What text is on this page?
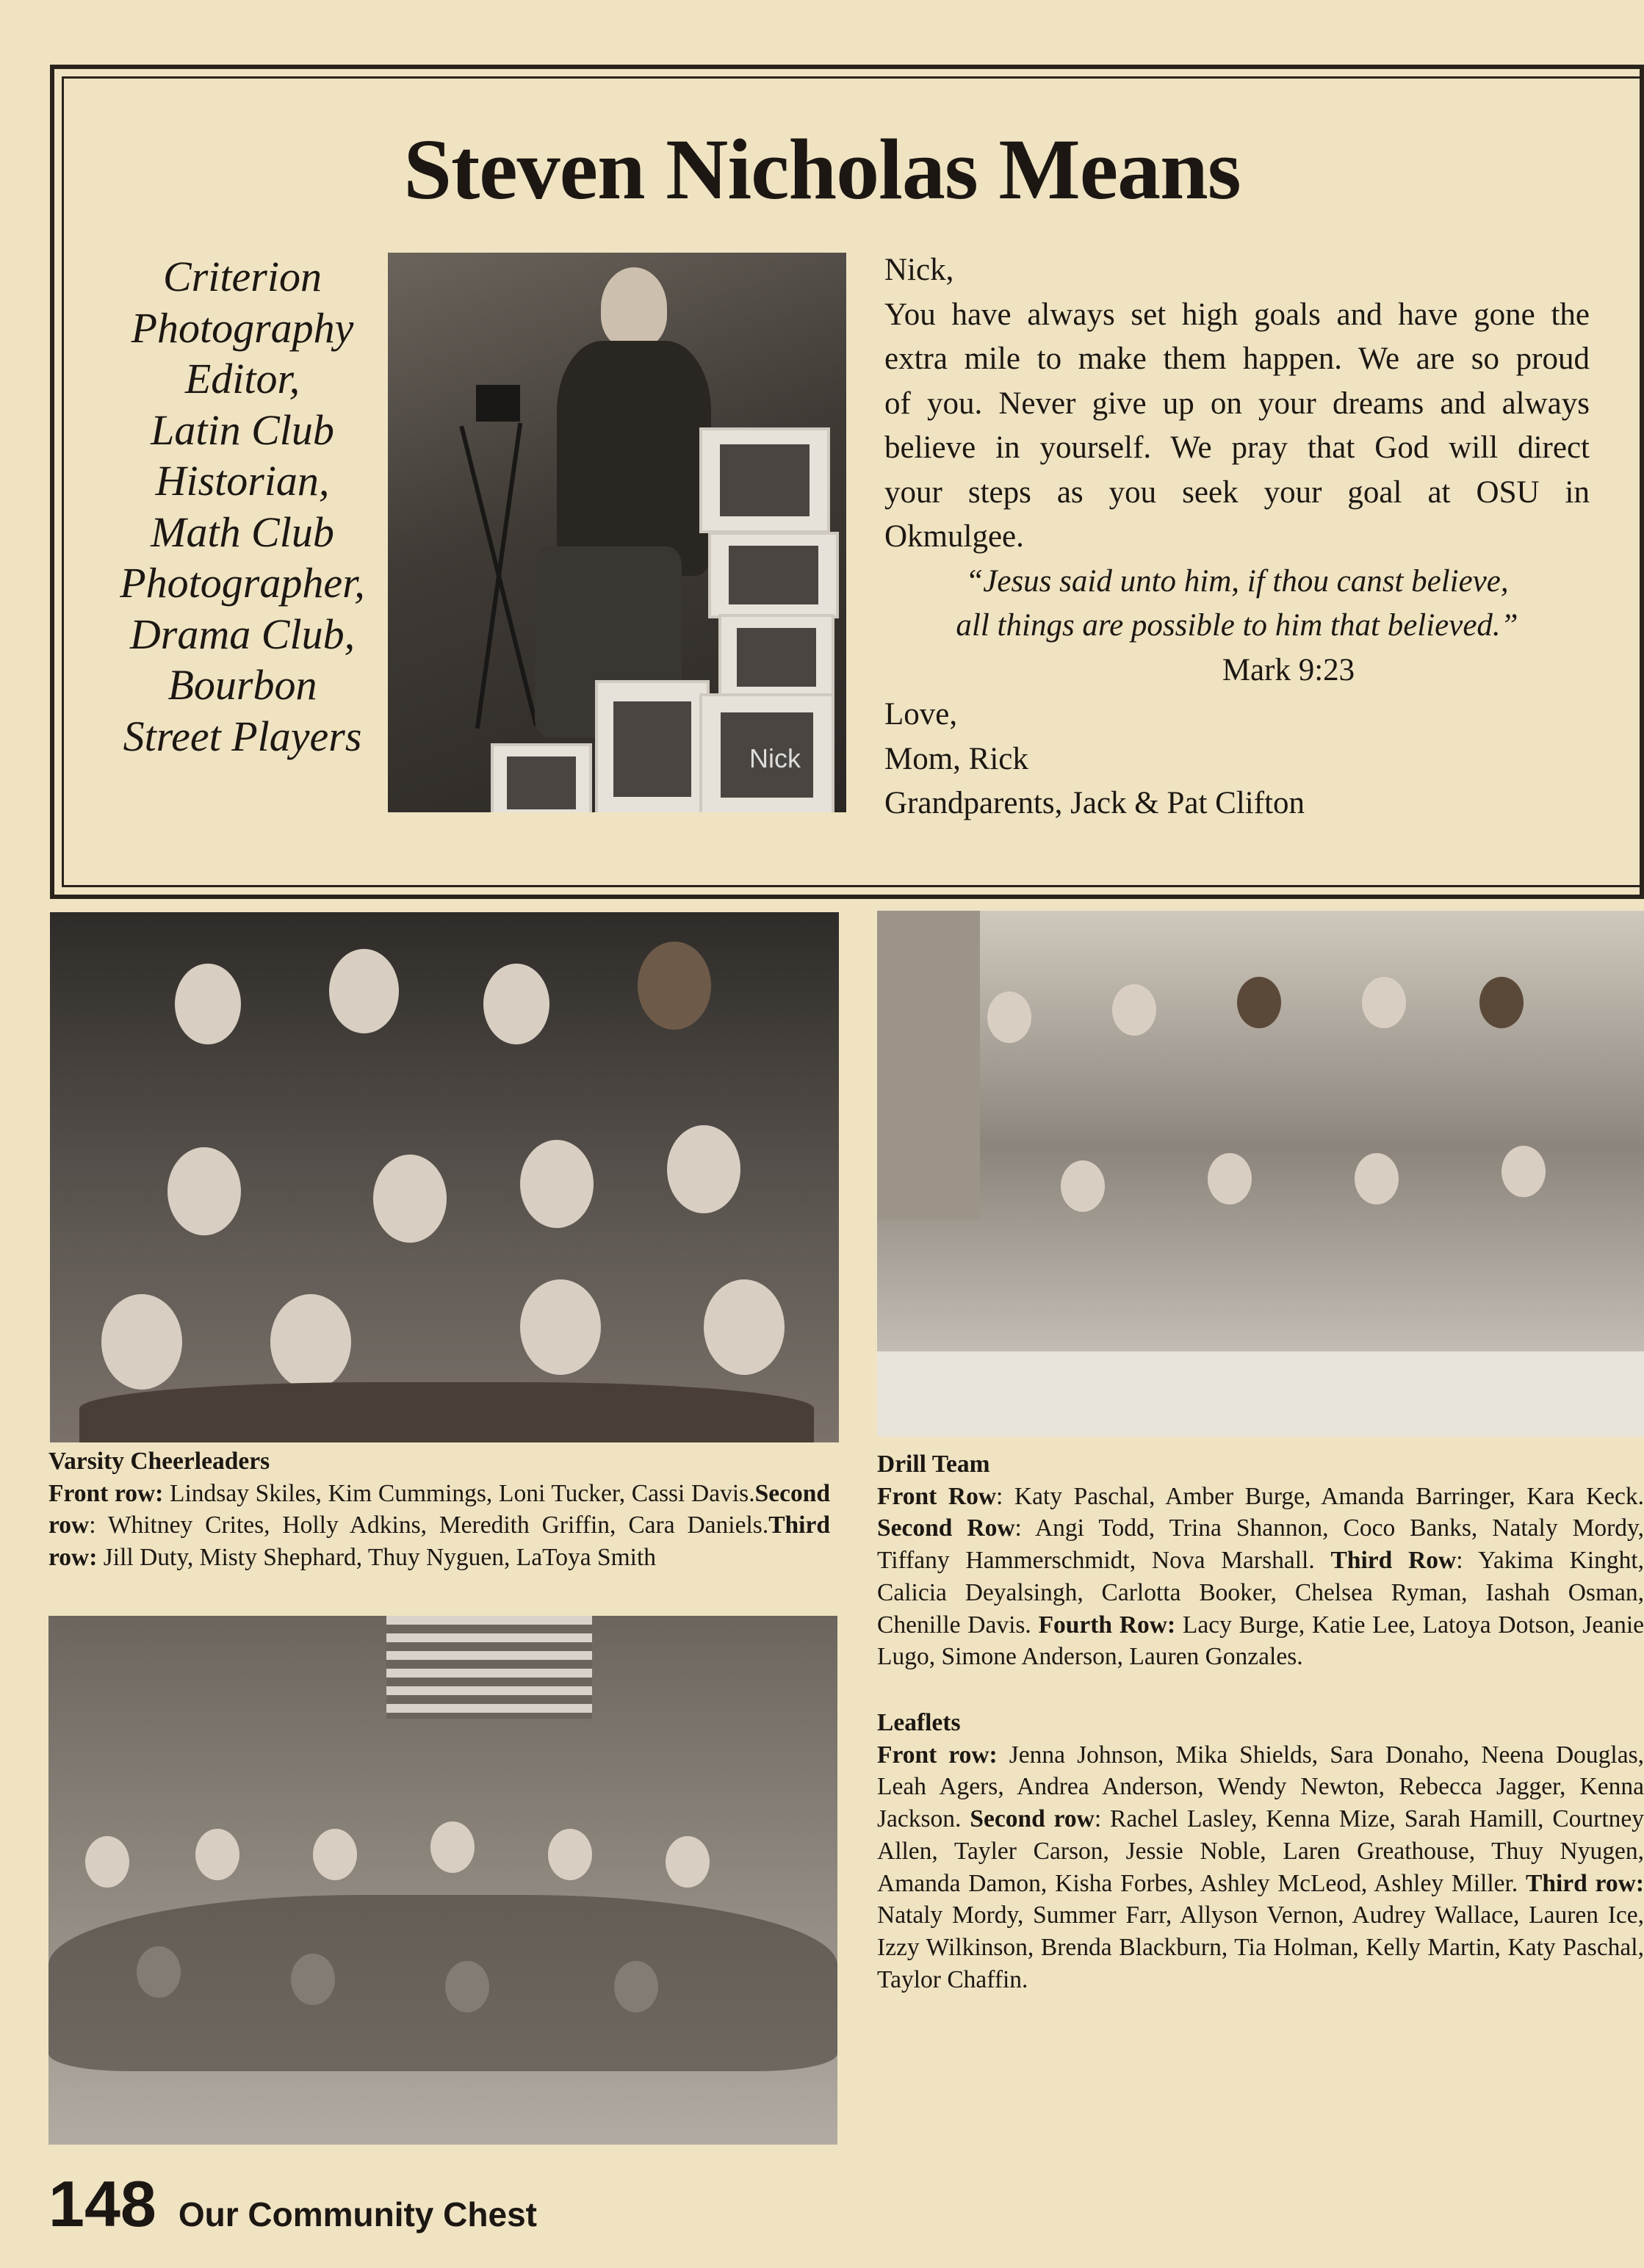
Steven Nicholas Means
Criterion
Photography
Editor,
Latin Club
Historian,
Math Club
Photographer,
Drama Club,
Bourbon
Street Players	Nick

Nick,

You have always set high goals and have gone the

extra mile to make them happen. We are so proud

of you. Never give up on your dreams and always

believe in yourself. We pray that God will direct

your steps as you seek your goal at OSU in

Okmulgee.

“Jesus said unto him, if thou canst believe,

all things are possible to him that believed.”

Mark 9:23

Love,

Mom, Rick

Grandparents, Jack & Pat Clifton

Varsity Cheerleaders
Front row: Lindsay Skiles, Kim Cummings, Loni Tucker, Cassi Davis.Second row: Whitney Crites, Holly Adkins, Meredith Griffin, Cara Daniels.Third row: Jill Duty, Misty Shephard, Thuy Nyguen, LaToya Smith
Drill Team
Front Row: Katy Paschal, Amber Burge, Amanda Barringer, Kara Keck. Second Row: Angi Todd, Trina Shannon, Coco Banks, Nataly Mordy, Tiffany Hammerschmidt, Nova Marshall. Third Row: Yakima Kinght, Calicia Deyalsingh, Carlotta Booker, Chelsea Ryman, Iashah Osman, Chenille Davis. Fourth Row: Lacy Burge, Katie Lee, Latoya Dotson, Jeanie Lugo, Simone Anderson, Lauren Gonzales.
Leaflets
Front row: Jenna Johnson, Mika Shields, Sara Donaho, Neena Douglas, Leah Agers, Andrea Anderson, Wendy Newton, Rebecca Jagger, Kenna Jackson. Second row: Rachel Lasley, Kenna Mize, Sarah Hamill, Courtney Allen, Tayler Carson, Jessie Noble, Laren Greathouse, Thuy Nyugen, Amanda Damon, Kisha Forbes, Ashley McLeod, Ashley Miller. Third row: Nataly Mordy, Summer Farr, Allyson Vernon, Audrey Wallace, Lauren Ice, Izzy Wilkinson, Brenda Blackburn, Tia Holman, Kelly Martin, Katy Paschal, Taylor Chaffin.
148 Our Community Chest
